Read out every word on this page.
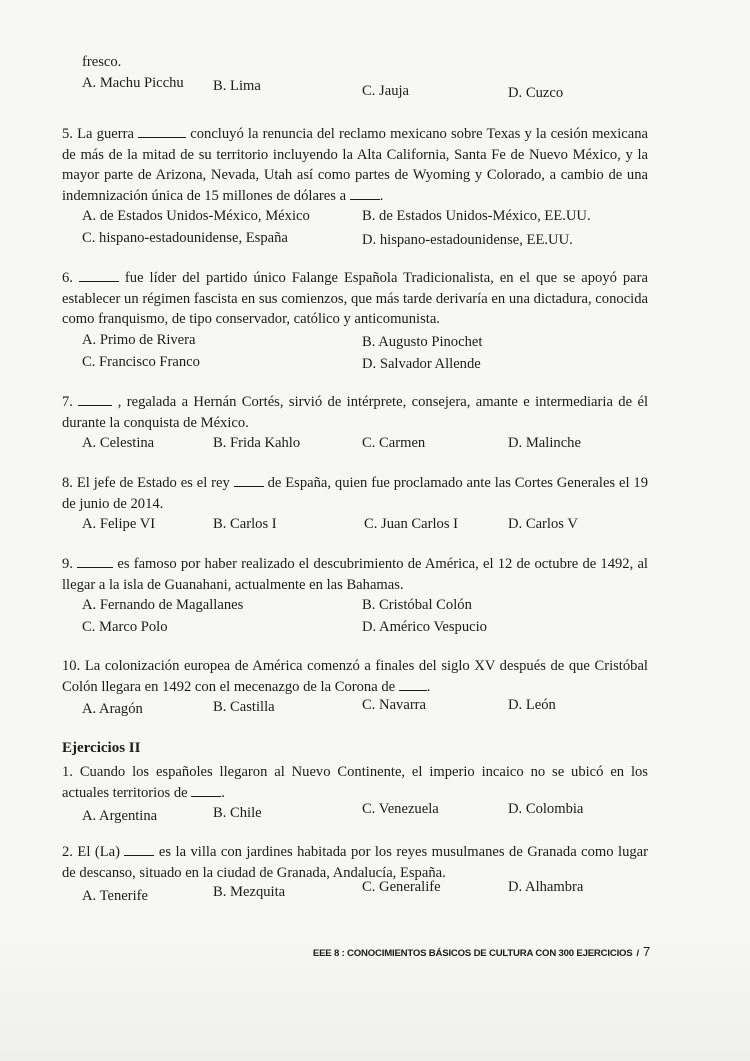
fresco.
A. Machu Picchu B. Lima	C. Jauja	D. Cuzco

5. La guerra	concluyó la renuncia del reclamo mexicano sobre Texas y la cesión mexicana de más de la mitad de su territorio incluyendo la Alta California, Santa Fe de Nuevo México, y la mayor parte de Arizona, Nevada, Utah así como partes de Wyoming y Colorado, a cambio de una indemnización única de 15 millones de dólares a .

A. de Estados Unidos-México, México	B. de Estados Unidos-México, EE.UU.
C. hispano-estadounidense, España	D. hispano-estadounidense, EE.UU.

6.	fue líder del partido único Falange Española Tradicionalista, en el que se apoyó para establecer un régimen fascista en sus comienzos, que más tarde derivaría en una dictadura, conocida como franquismo, de tipo conservador, católico y anticomunista.

A. Primo de Rivera	B. Augusto Pinochet
C. Francisco Franco	D. Salvador Allende

7.	, regalada a Hernán Cortés, sirvió de intérprete, consejera, amante e intermediaria de él durante la conquista de México.

A. Celestina	B. Frida Kahlo	C. Carmen	D. Malinche

8. El jefe de Estado es el rey	de España, quien fue proclamado ante las Cortes Generales el 19 de junio de 2014.

A. Felipe VI	B. Carlos I	C. Juan Carlos I	D. Carlos V

9.	es famoso por haber realizado el descubrimiento de América, el 12 de octubre de 1492, al llegar a la isla de Guanahani, actualmente en las Bahamas.

A. Fernando de Magallanes	B. Cristóbal Colón
C. Marco Polo	D. Américo Vespucio

10. La colonización europea de América comenzó a finales del siglo XV después de que Cristóbal Colón llegara en 1492 con el mecenazgo de la Corona de .

A. Aragón	B. Castilla	C. Navarra	D. León
Ejercicios II

1. Cuando los españoles llegaron al Nuevo Continente, el imperio incaico no se ubicó en los actuales territorios de .

A. Argentina	B. Chile	C. Venezuela	D. Colombia

2. El (La)	es la villa con jardines habitada por los reyes musulmanes de Granada como lugar de descanso, situado en la ciudad de Granada, Andalucía, España.

A. Tenerife	B. Mezquita	C. Generalife	D. Alhambra
EEE 8 : CONOCIMIENTOS BÁSICOS DE CULTURA CON 300 EJERCICIOS / 7
